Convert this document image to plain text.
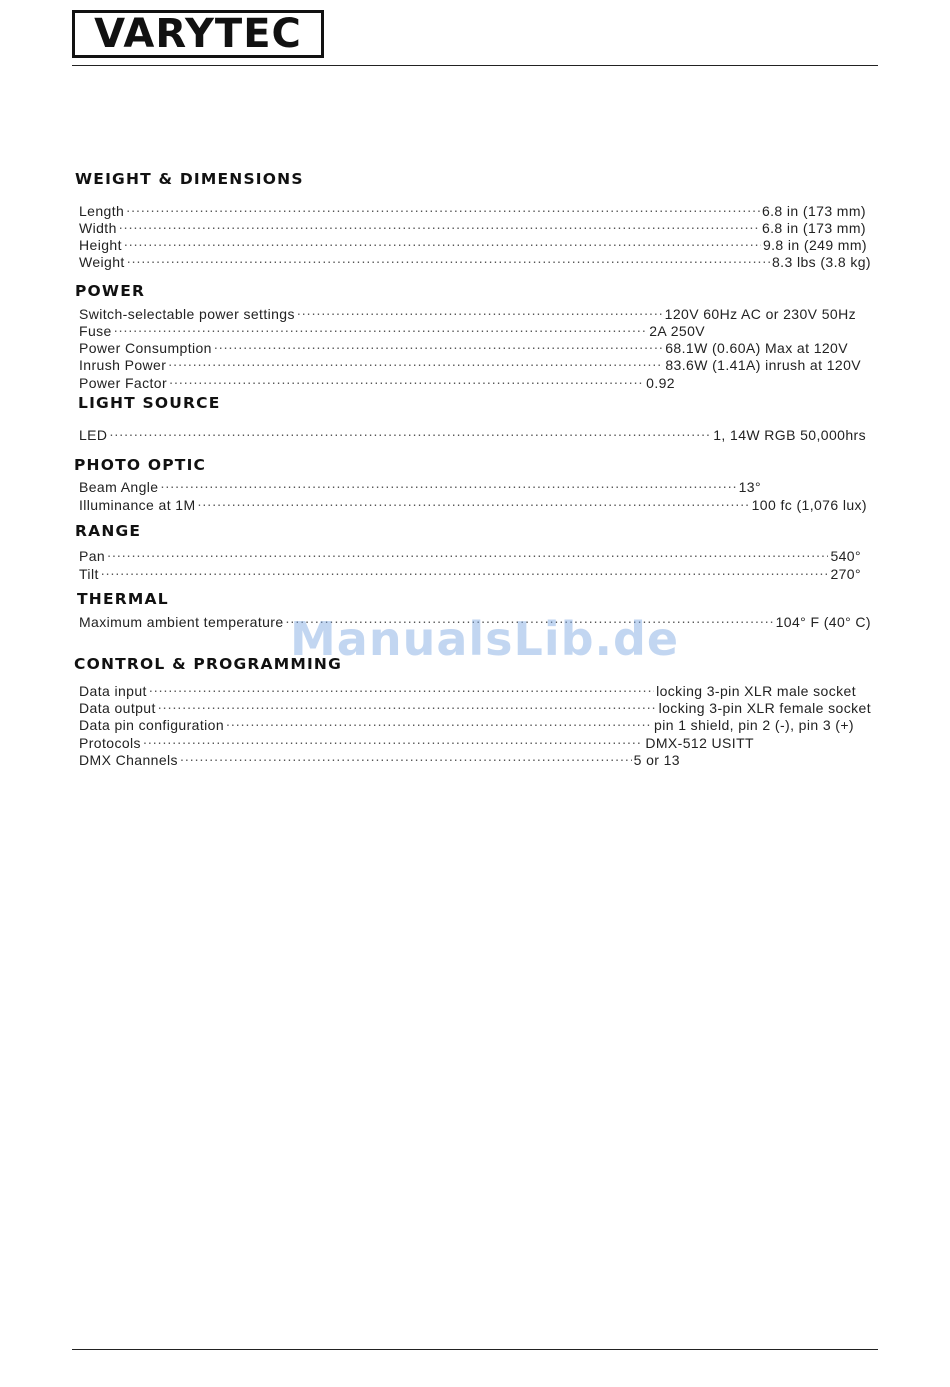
VARYTEC
WEIGHT & DIMENSIONS
Length .....	6.8 in (173 mm)
Width .....	6.8 in (173 mm)
Height .....	9.8 in (249 mm)
Weight .....	8.3 lbs (3.8 kg)
POWER
Switch-selectable power settings .....	120V 60Hz AC or 230V 50Hz
Fuse .....	2A 250V
Power Consumption .....	68.1W (0.60A) Max at 120V
Inrush Power .....	83.6W (1.41A) inrush at 120V
Power Factor .....	0.92
LIGHT SOURCE
LED .....	1, 14W RGB 50,000hrs
PHOTO OPTIC
Beam Angle .....	13°
Illuminance at 1M .....	100 fc (1,076 lux)
RANGE
Pan .....	540°
Tilt .....	270°
THERMAL
Maximum ambient temperature .....	104° F (40° C)
ManualsLib.de
CONTROL & PROGRAMMING
Data input .....	locking 3-pin XLR male socket
Data output .....	locking 3-pin XLR female socket
Data pin configuration .....	pin 1 shield, pin 2 (-), pin 3 (+)
Protocols .....	DMX-512 USITT
DMX Channels .....	5 or 13
